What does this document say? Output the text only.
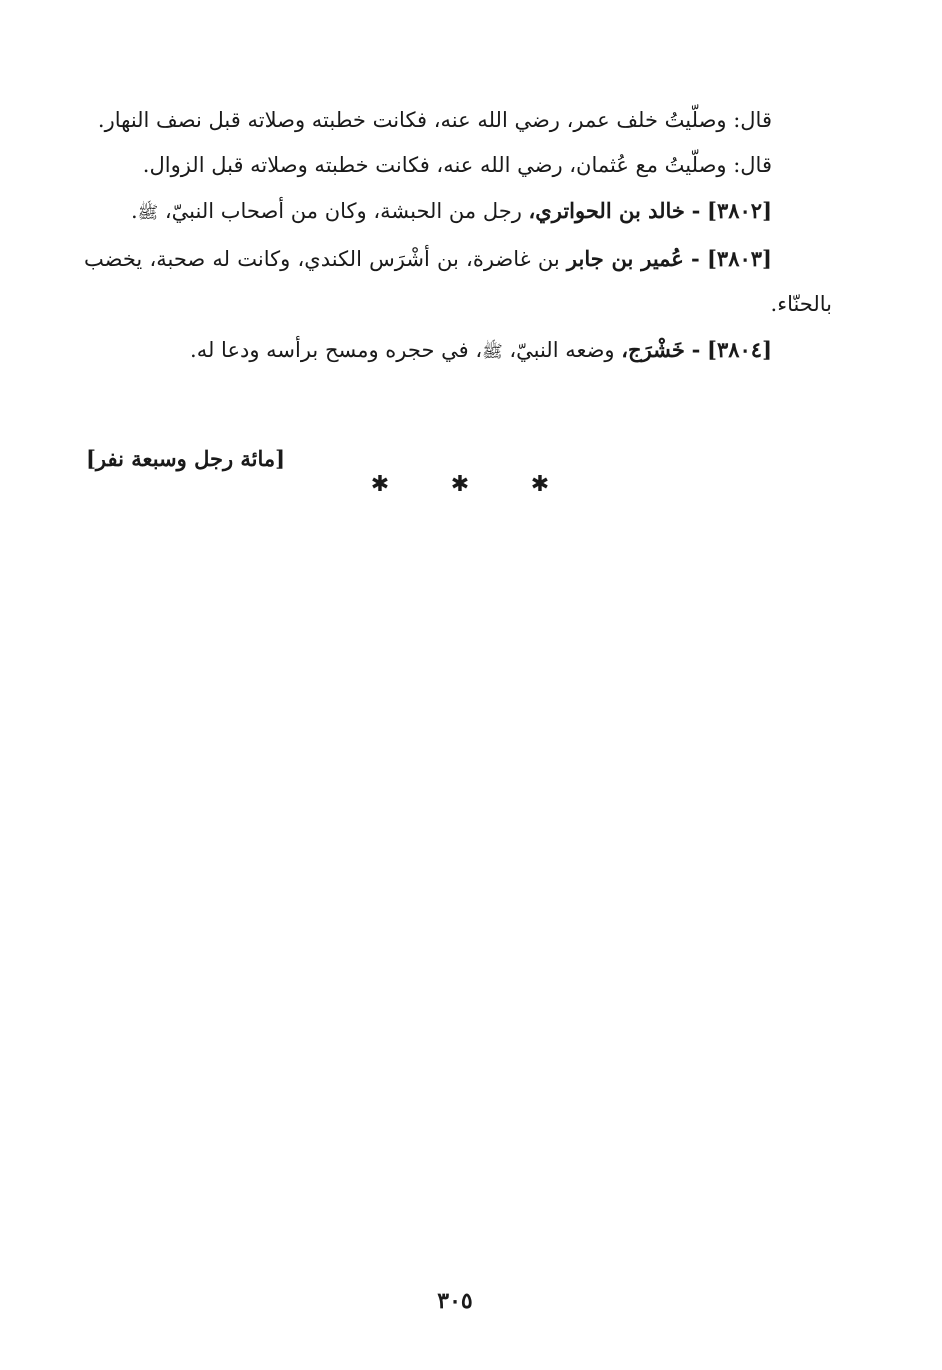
قال: وصلّيتُ خلف عمر، رضي الله عنه، فكانت خطبته وصلاته قبل نصف النهار.

قال: وصلّيتُ مع عُثمان، رضي الله عنه، فكانت خطبته وصلاته قبل الزوال.

[٣٨٠٢] - خالد بن الحواتري، رجل من الحبشة، وكان من أصحاب النبيّ، ﷺ.

[٣٨٠٣] - عُمير بن جابر بن غاضرة، بن أشْرَس الكندي، وكانت له صحبة، يخضب بالحنّاء.

[٣٨٠٤] - خَشْرَج، وضعه النبيّ، ﷺ، في حجره ومسح برأسه ودعا له.

[مائة رجل وسبعة نفر]
✱	✱	✱
٣٠٥
